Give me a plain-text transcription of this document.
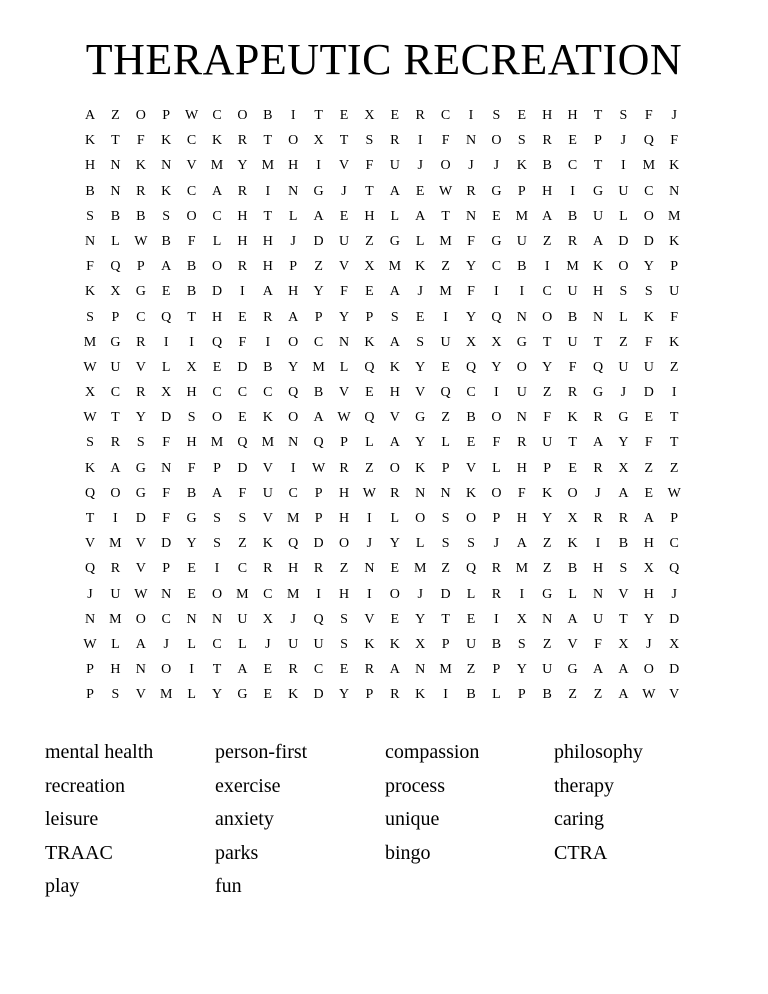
THERAPEUTIC RECREATION
A	Z	O	P	W	C	O	B	I	T	E	X	E	R	C	I	S	E	H	H	T	S	F	J
K	T	F	K	C	K	R	T	O	X	T	S	R	I	F	N	O	S	R	E	P	J	Q	F
H	N	K	N	V	M	Y	M	H	I	V	F	U	J	O	J	J	K	B	C	T	I	M	K
B	N	R	K	C	A	R	I	N	G	J	T	A	E	W	R	G	P	H	I	G	U	C	N
S	B	B	S	O	C	H	T	L	A	E	H	L	A	T	N	E	M	A	B	U	L	O	M
N	L	W	B	F	L	H	H	J	D	U	Z	G	L	M	F	G	U	Z	R	A	D	D	K
F	Q	P	A	B	O	R	H	P	Z	V	X	M	K	Z	Y	C	B	I	M	K	O	Y	P
K	X	G	E	B	D	I	A	H	Y	F	E	A	J	M	F	I	I	C	U	H	S	S	U
S	P	C	Q	T	H	E	R	A	P	Y	P	S	E	I	Y	Q	N	O	B	N	L	K	F
M	G	R	I	I	Q	F	I	O	C	N	K	A	S	U	X	X	G	T	U	T	Z	F	K
W U	V	L	X	E	D	B	Y	M	L	Q	K	Y	E	Q	Y	O	Y	F	Q	U	U	Z
X	C	R	X	H	C	C	C	Q	B	V	E	H	V	Q	C	I	U	Z	R	G	J	D	I
W	T	Y	D	S	O	E	K	O	A W Q	V	G	Z	B	O	N	F	K	R	G	E	T
S	R	S	F	H	M	Q	M	N	Q	P	L	A	Y	L	E	F	R	U	T	A	Y	F	T
K	A	G	N	F	P	D	V	I	W	R	Z	O	K	P	V	L	H	P	E	R	X	Z	Z
Q	O	G	F	B	A	F	U	C	P	H W	R	N	N	K	O	F	K	O	J	A	E	W
T	I	D	F	G	S	S	V	M	P	H	I	L	O	S	O	P	H	Y	X	R	R	A	P
V	M	V	D	Y	S	Z	K	Q	D	O	J	Y	L	S	S	J	A	Z	K	I	B	H	C
Q	R	V	P	E	I	C	R	H	R	Z	N	E	M	Z	Q	R	M	Z	B	H	S	X	Q
J	U W N	E	O	M	C	M	I	H	I	O	J	D	L	R	I	G	L	N	V	H	J
N	M	O	C	N	N	U	X	J	Q	S	V	E	Y	T	E	I	X	N	A	U	T	Y	D
W	L	A	J	L	C	L	J	U	U	S	K	K	X	P	U	B	S	Z	V	F	X	J	X
P	H	N	O	I	T	A	E	R	C	E	R	A	N	M	Z	P	Y	U	G	A	A	O	D
P	S	V	M	L	Y	G	E	K	D	Y	P	R	K	I	B	L	P	B	Z	Z	A W V
mental health
recreation
leisure
TRAAC
play
person-first
exercise
anxiety
parks
fun
compassion
process
unique
bingo
philosophy
therapy
caring
CTRA
